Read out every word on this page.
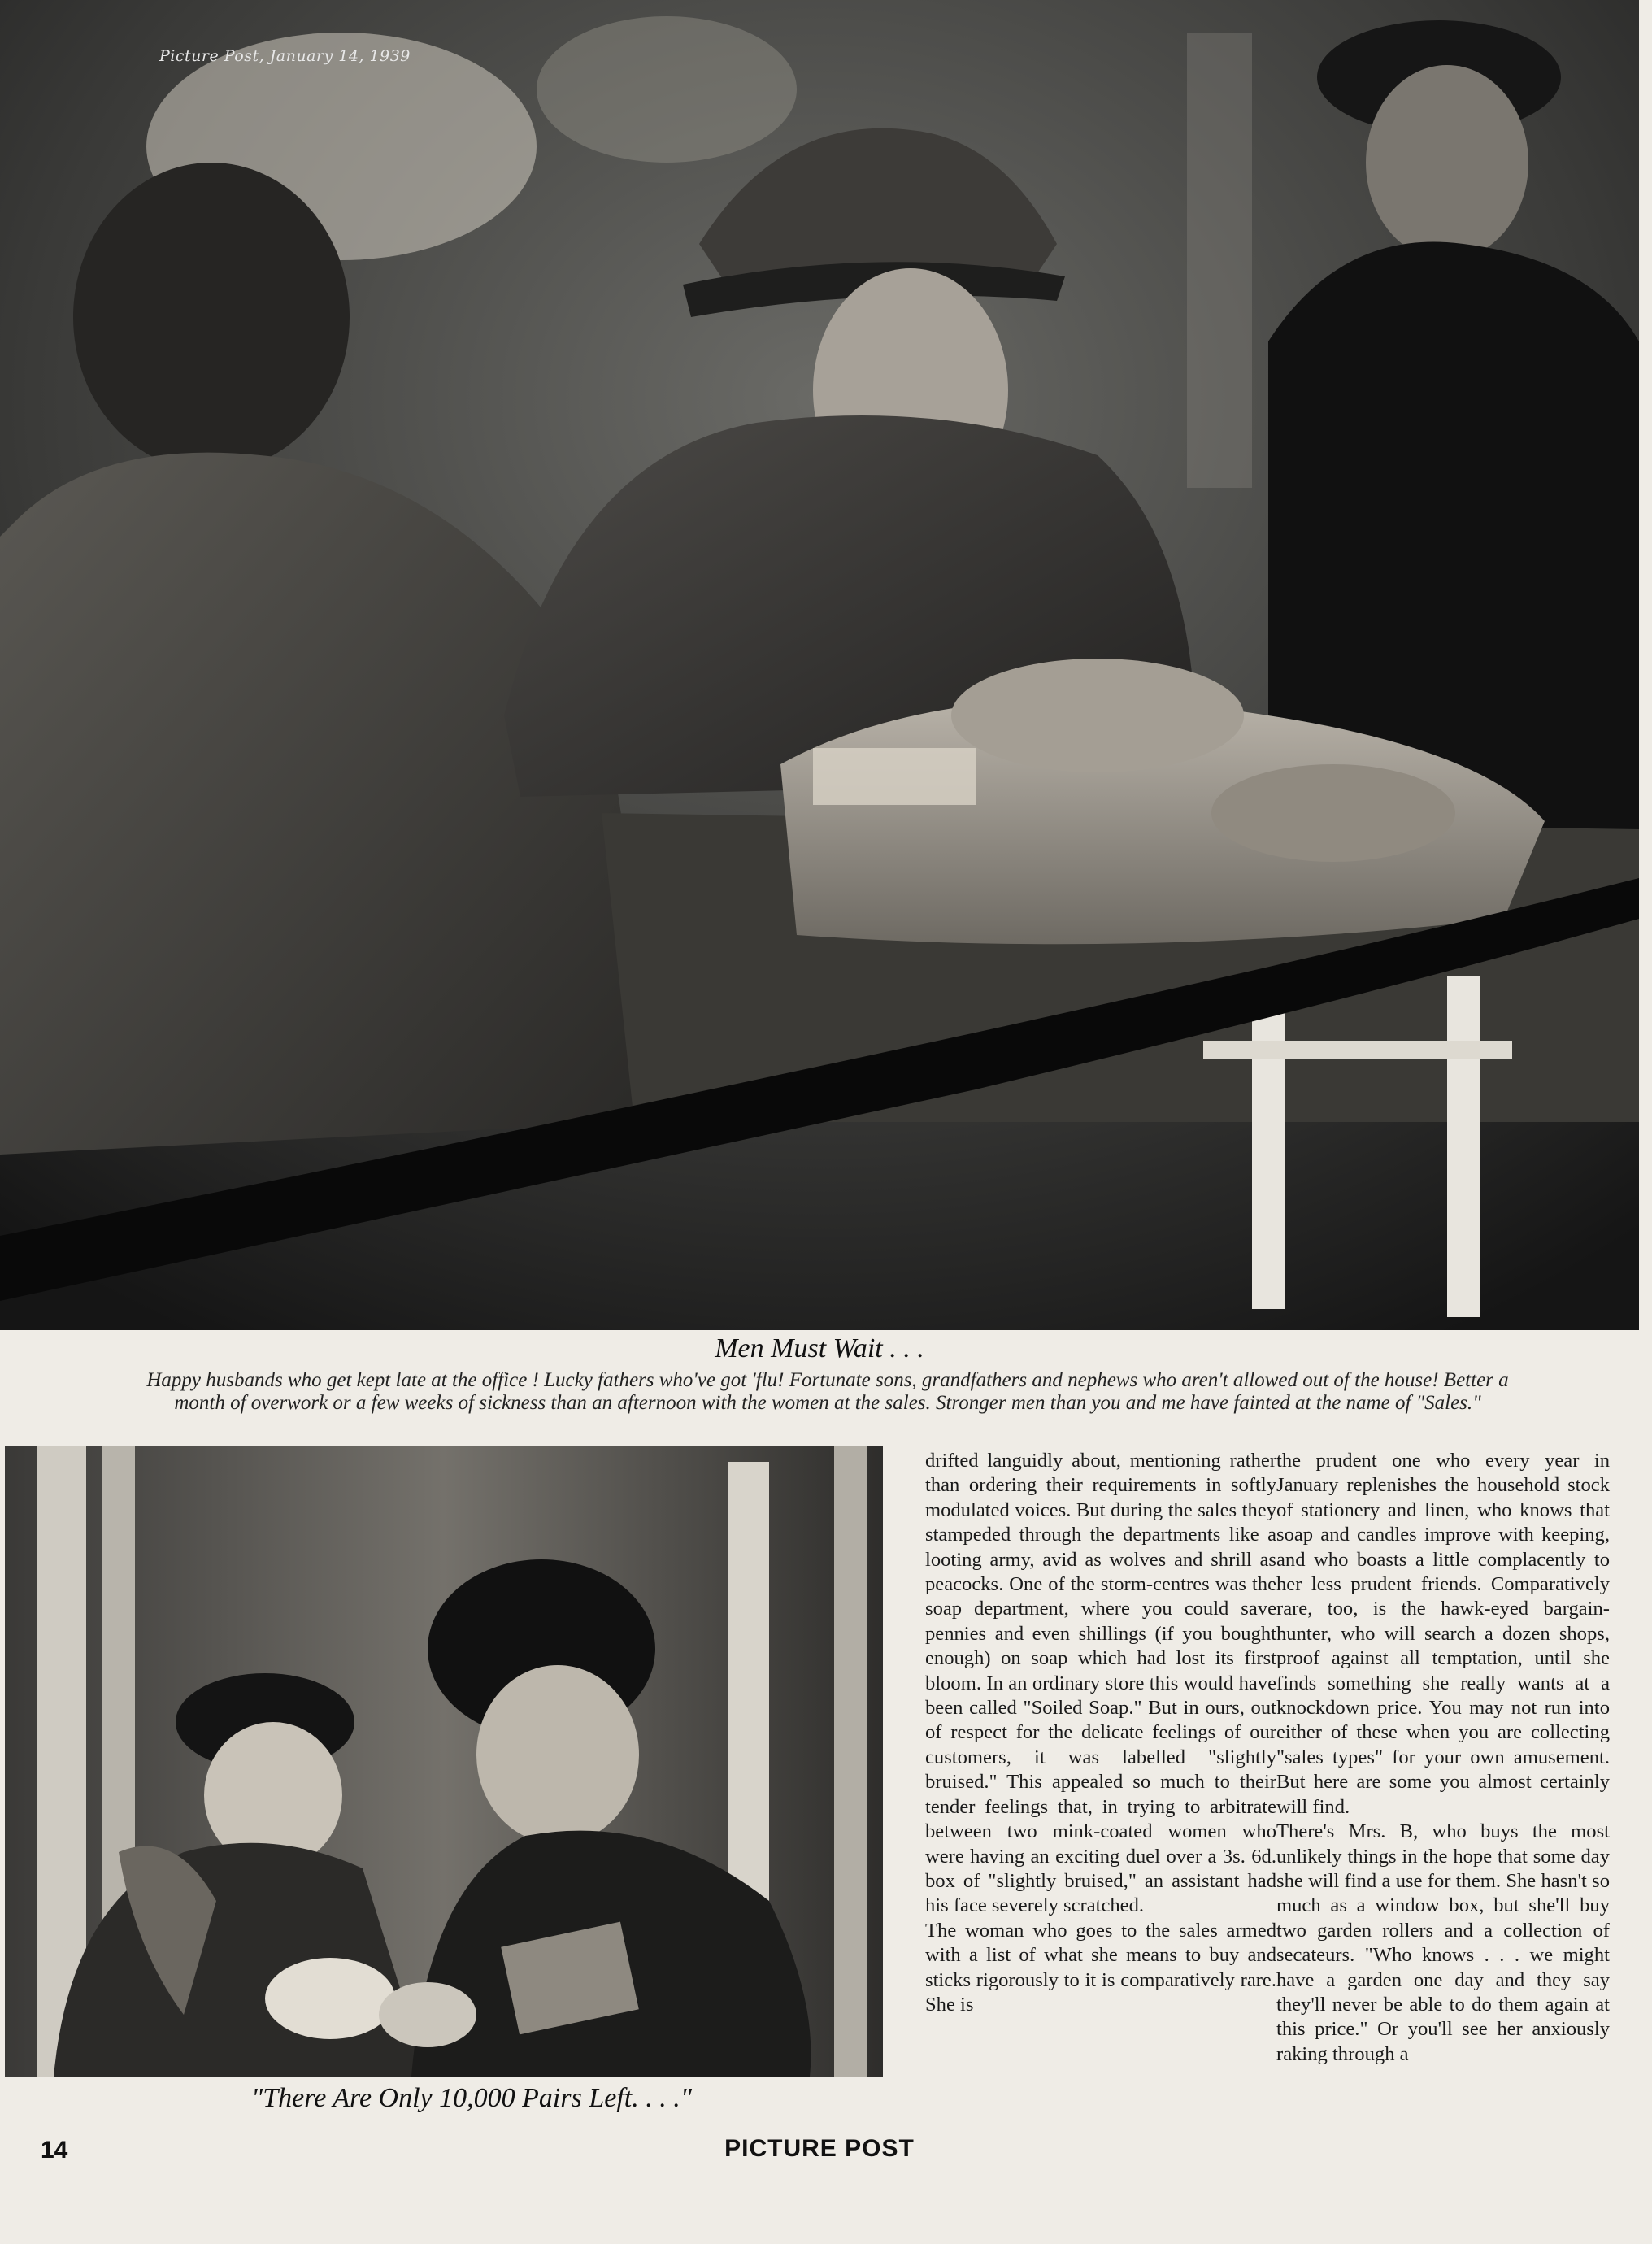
Picture Post, January 14, 1939
Men Must Wait . . .
Happy husbands who get kept late at the office ! Lucky fathers who've got 'flu! Fortunate sons, grandfathers and nephews who aren't allowed out of the house! Better a month of overwork or a few weeks of sickness than an afternoon with the women at the sales. Stronger men than you and me have fainted at the name of "Sales."
"There Are Only 10,000 Pairs Left. . . ."
drifted languidly about, mentioning rather than ordering their requirements in softly modulated voices. But during the sales they stampeded through the departments like a looting army, avid as wolves and shrill as peacocks. One of the storm-centres was the soap department, where you could save pennies and even shillings (if you bought enough) on soap which had lost its first bloom. In an ordinary store this would have been called "Soiled Soap." But in ours, out of respect for the delicate feelings of our customers, it was labelled "slightly bruised." This appealed so much to their tender feelings that, in trying to arbitrate between two mink-coated women who were having an exciting duel over a 3s. 6d. box of "slightly bruised," an assistant had his face severely scratched.
The woman who goes to the sales armed with a list of what she means to buy and sticks rigorously to it is comparatively rare. She is
the prudent one who every year in January replenishes the household stock of stationery and linen, who knows that soap and candles improve with keeping, and who boasts a little complacently to her less prudent friends. Comparatively rare, too, is the hawk-eyed bargain-hunter, who will search a dozen shops, proof against all temptation, until she finds something she really wants at a knockdown price. You may not run into either of these when you are collecting "sales types" for your own amusement. But here are some you almost certainly will find.
There's Mrs. B, who buys the most unlikely things in the hope that some day she will find a use for them. She hasn't so much as a window box, but she'll buy two garden rollers and a collection of secateurs. "Who knows . . . we might have a garden one day and they say they'll never be able to do them again at this price." Or you'll see her anxiously raking through a
14	PICTURE POST
